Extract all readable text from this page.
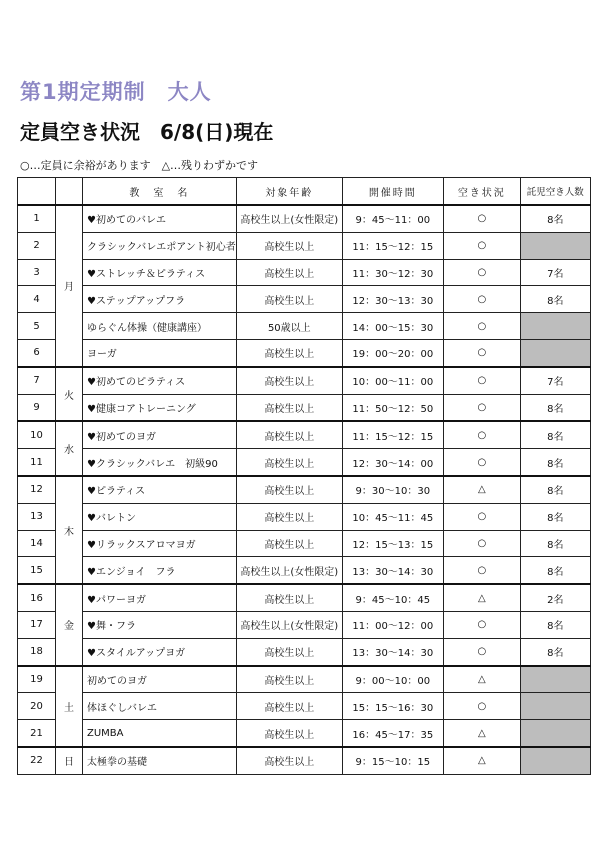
第1期定期制　大人
定員空き状況　6/8(日)現在
○…定員に余裕があります　△…残りわずかです
		教　室　名	対象年齢	開催時間	空き状況	託児空き人数
1	月	♥初めてのバレエ	高校生以上(女性限定)	9：45～11：00	○	8名
2		クラシックバレエポアント初心者	高校生以上	11：15～12：15	○	
3		♥ストレッチ＆ピラティス	高校生以上	11：30～12：30	○	7名
4		♥ステップアップフラ	高校生以上	12：30～13：30	○	8名
5		ゆらぐん体操（健康講座）	50歳以上	14：00～15：30	○	
6		ヨーガ	高校生以上	19：00～20：00	○	
7	火	♥初めてのピラティス	高校生以上	10：00～11：00	○	7名
9		♥健康コアトレーニング	高校生以上	11：50～12：50	○	8名
10	水	♥初めてのヨガ	高校生以上	11：15～12：15	○	8名
11		♥クラシックバレエ　初級90	高校生以上	12：30～14：00	○	8名
12	木	♥ピラティス	高校生以上	9：30～10：30	△	8名
13		♥バレトン	高校生以上	10：45～11：45	○	8名
14		♥リラックスアロマヨガ	高校生以上	12：15～13：15	○	8名
15		♥エンジョイ　フラ	高校生以上(女性限定)	13：30～14：30	○	8名
16	金	♥パワーヨガ	高校生以上	9：45～10：45	△	2名
17		♥舞・フラ	高校生以上(女性限定)	11：00～12：00	○	8名
18		♥スタイルアップヨガ	高校生以上	13：30～14：30	○	8名
19	土	初めてのヨガ	高校生以上	9：00～10：00	△	
20		体ほぐしバレエ	高校生以上	15：15～16：30	○	
21		ZUMBA	高校生以上	16：45～17：35	△	
22	日	太極拳の基礎	高校生以上	9：15～10：15	△	
